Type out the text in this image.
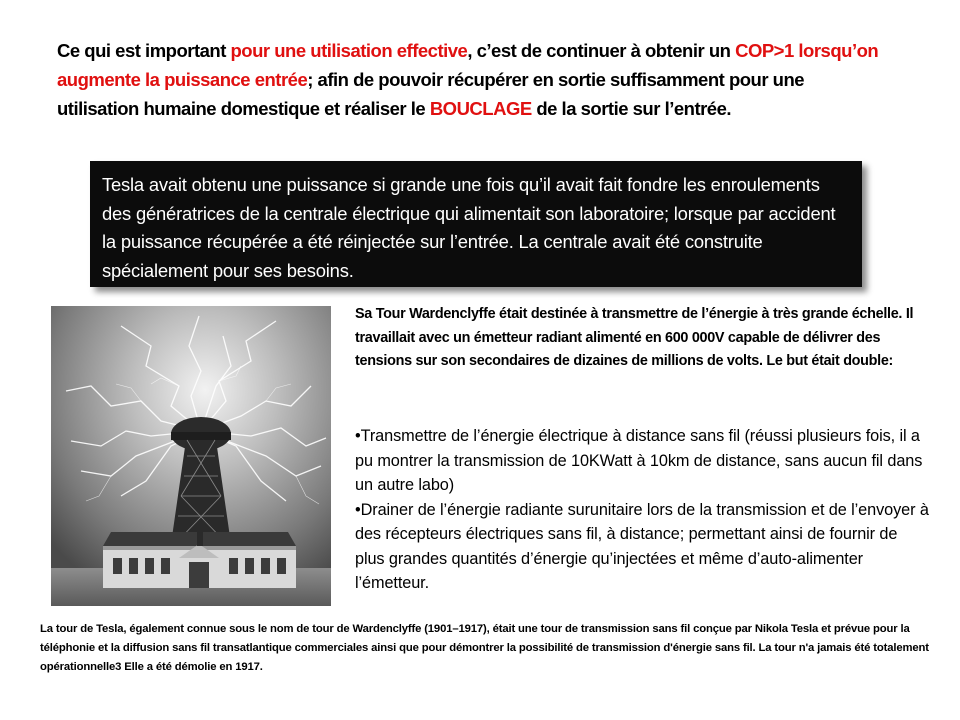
Ce qui est important pour une utilisation effective, c’est de continuer à obtenir un COP>1 lorsqu’on augmente la puissance entrée; afin de pouvoir récupérer en sortie suffisamment pour une utilisation humaine domestique et réaliser le BOUCLAGE de la sortie sur l’entrée.
Tesla avait obtenu une puissance si grande une fois qu’il avait fait fondre les enroulements des génératrices de la centrale électrique qui alimentait son laboratoire; lorsque par accident la puissance récupérée a été réinjectée sur l’entrée. La centrale avait été construite spécialement pour ses besoins.
Sa Tour Wardenclyffe était destinée à transmettre de l’énergie à très grande échelle. Il travaillait avec un émetteur radiant alimenté en 600 000V capable de délivrer des tensions sur son secondaires de dizaines de millions de volts. Le but était double:

•Transmettre de l’énergie électrique à distance sans fil (réussi plusieurs fois, il a pu montrer la transmission de 10KWatt à 10km de distance, sans aucun fil dans un autre labo)

•Drainer de l’énergie radiante surunitaire lors de la transmission et de l’envoyer à des récepteurs électriques sans fil, à distance; permettant ainsi de fournir de plus grandes quantités d’énergie qu’injectées et même d’auto-alimenter l’émetteur.

La tour de Tesla, également connue sous le nom de tour de Wardenclyffe (1901–1917), était une tour de transmission sans fil conçue par Nikola Tesla et prévue pour la téléphonie et la diffusion sans fil transatlantique commerciales ainsi que pour démontrer la possibilité de transmission d'énergie sans fil. La tour n'a jamais été totalement opérationnelle3 Elle a été démolie en 1917.
